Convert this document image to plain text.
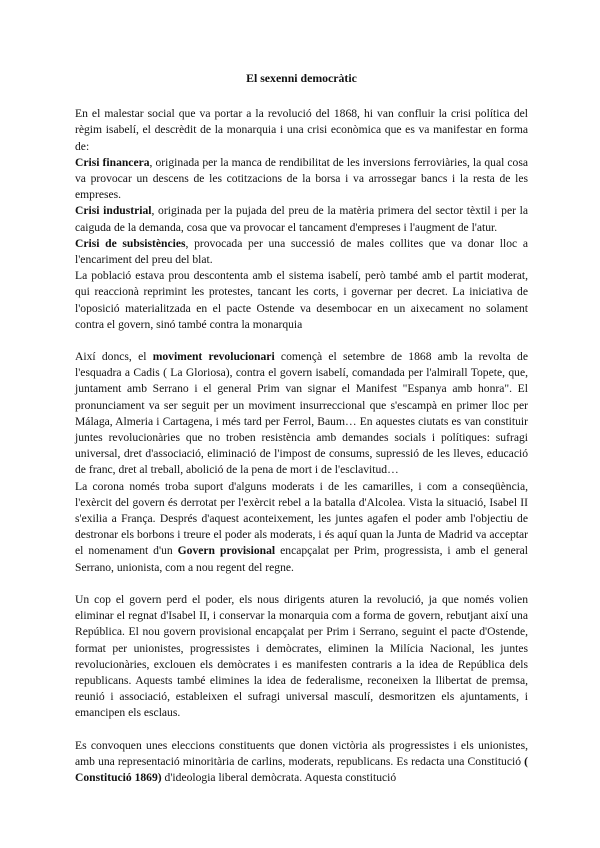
El sexenni democràtic

En el malestar social que va portar a la revolució del 1868, hi van confluir la crisi política del règim isabelí, el descrèdit de la monarquia i una crisi econòmica que es va manifestar en forma de:

Crisi financera, originada per la manca de rendibilitat de les inversions ferroviàries, la qual cosa va provocar un descens de les cotitzacions de la borsa i va arrossegar bancs i la resta de les empreses.

Crisi industrial, originada per la pujada del preu de la matèria primera del sector tèxtil i per la caiguda de la demanda, cosa que va provocar el tancament d'empreses i l'augment de l'atur.

Crisi de subsistències, provocada per una successió de males collites que va donar lloc a l'encariment del preu del blat.

La població estava prou descontenta amb el sistema isabelí, però també amb el partit moderat, qui reaccionà reprimint les protestes, tancant les corts, i governar per decret. La iniciativa de l'oposició materialitzada en el pacte Ostende va desembocar en un aixecament no solament contra el govern, sinó també contra la monarquia

Així doncs, el moviment revolucionari començà el setembre de 1868 amb la revolta de l'esquadra a Cadis ( La Gloriosa), contra el govern isabelí, comandada per l'almirall Topete, que, juntament amb Serrano i el general Prim van signar el Manifest "Espanya amb honra". El pronunciament va ser seguit per un moviment insurreccional que s'escampà en primer lloc per Málaga, Almeria i Cartagena, i més tard per Ferrol, Baum… En aquestes ciutats es van constituir juntes revolucionàries que no troben resistència amb demandes socials i polítiques: sufragi universal, dret d'associació, eliminació de l'impost de consums, supressió de les lleves, educació de franc, dret al treball, abolició de la pena de mort i de l'esclavitud…

La corona només troba suport d'alguns moderats i de les camarilles, i com a conseqüència, l'exèrcit del govern és derrotat per l'exèrcit rebel a la batalla d'Alcolea. Vista la situació, Isabel II s'exilia a França. Després d'aquest aconteixement, les juntes agafen el poder amb l'objectiu de destronar els borbons i treure el poder als moderats, i és aquí quan la Junta de Madrid va acceptar el nomenament d'un Govern provisional encapçalat per Prim, progressista, i amb el general Serrano, unionista, com a nou regent del regne.

Un cop el govern perd el poder, els nous dirigents aturen la revolució, ja que només volien eliminar el regnat d'Isabel II, i conservar la monarquia com a forma de govern, rebutjant així una República. El nou govern provisional encapçalat per Prim i Serrano, seguint el pacte d'Ostende, format per unionistes, progressistes i demòcrates, eliminen la Milícia Nacional, les juntes revolucionàries, exclouen els demòcrates i es manifesten contraris a la idea de República dels republicans. Aquests també elimines la idea de federalisme, reconeixen la llibertat de premsa, reunió i associació, estableixen el sufragi universal masculí, desmoritzen els ajuntaments, i emancipen els esclaus.

Es convoquen unes eleccions constituents que donen victòria als progressistes i els unionistes, amb una representació minoritària de carlins, moderats, republicans. Es redacta una Constitució ( Constitució 1869) d'ideologia liberal demòcrata. Aquesta constitució
